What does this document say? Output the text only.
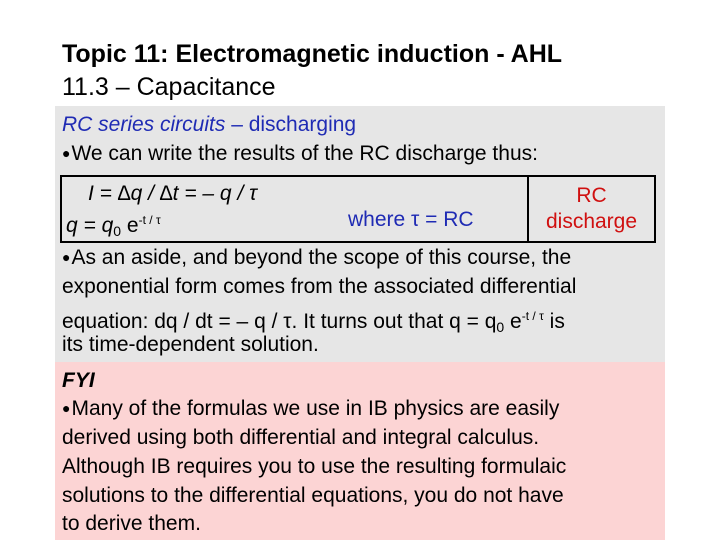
Topic 11: Electromagnetic induction - AHL
11.3 – Capacitance
RC series circuits – discharging
●We can write the results of the RC discharge thus:
I = ∆q / ∆t = – q / τ
$q = q_0$ $e^{-t / \tau}$	where τ = RC
RC
discharge
●As an aside, and beyond the scope of this course, the
exponential form comes from the associated differential
equation: dq / dt = – q / τ. It turns out that $q = q_0$ $e^{-t / \tau}$ is
its time-dependent solution.
FYI
●Many of the formulas we use in IB physics are easily
derived using both differential and integral calculus.
Although IB requires you to use the resulting formulaic
solutions to the differential equations, you do not have
to derive them.
